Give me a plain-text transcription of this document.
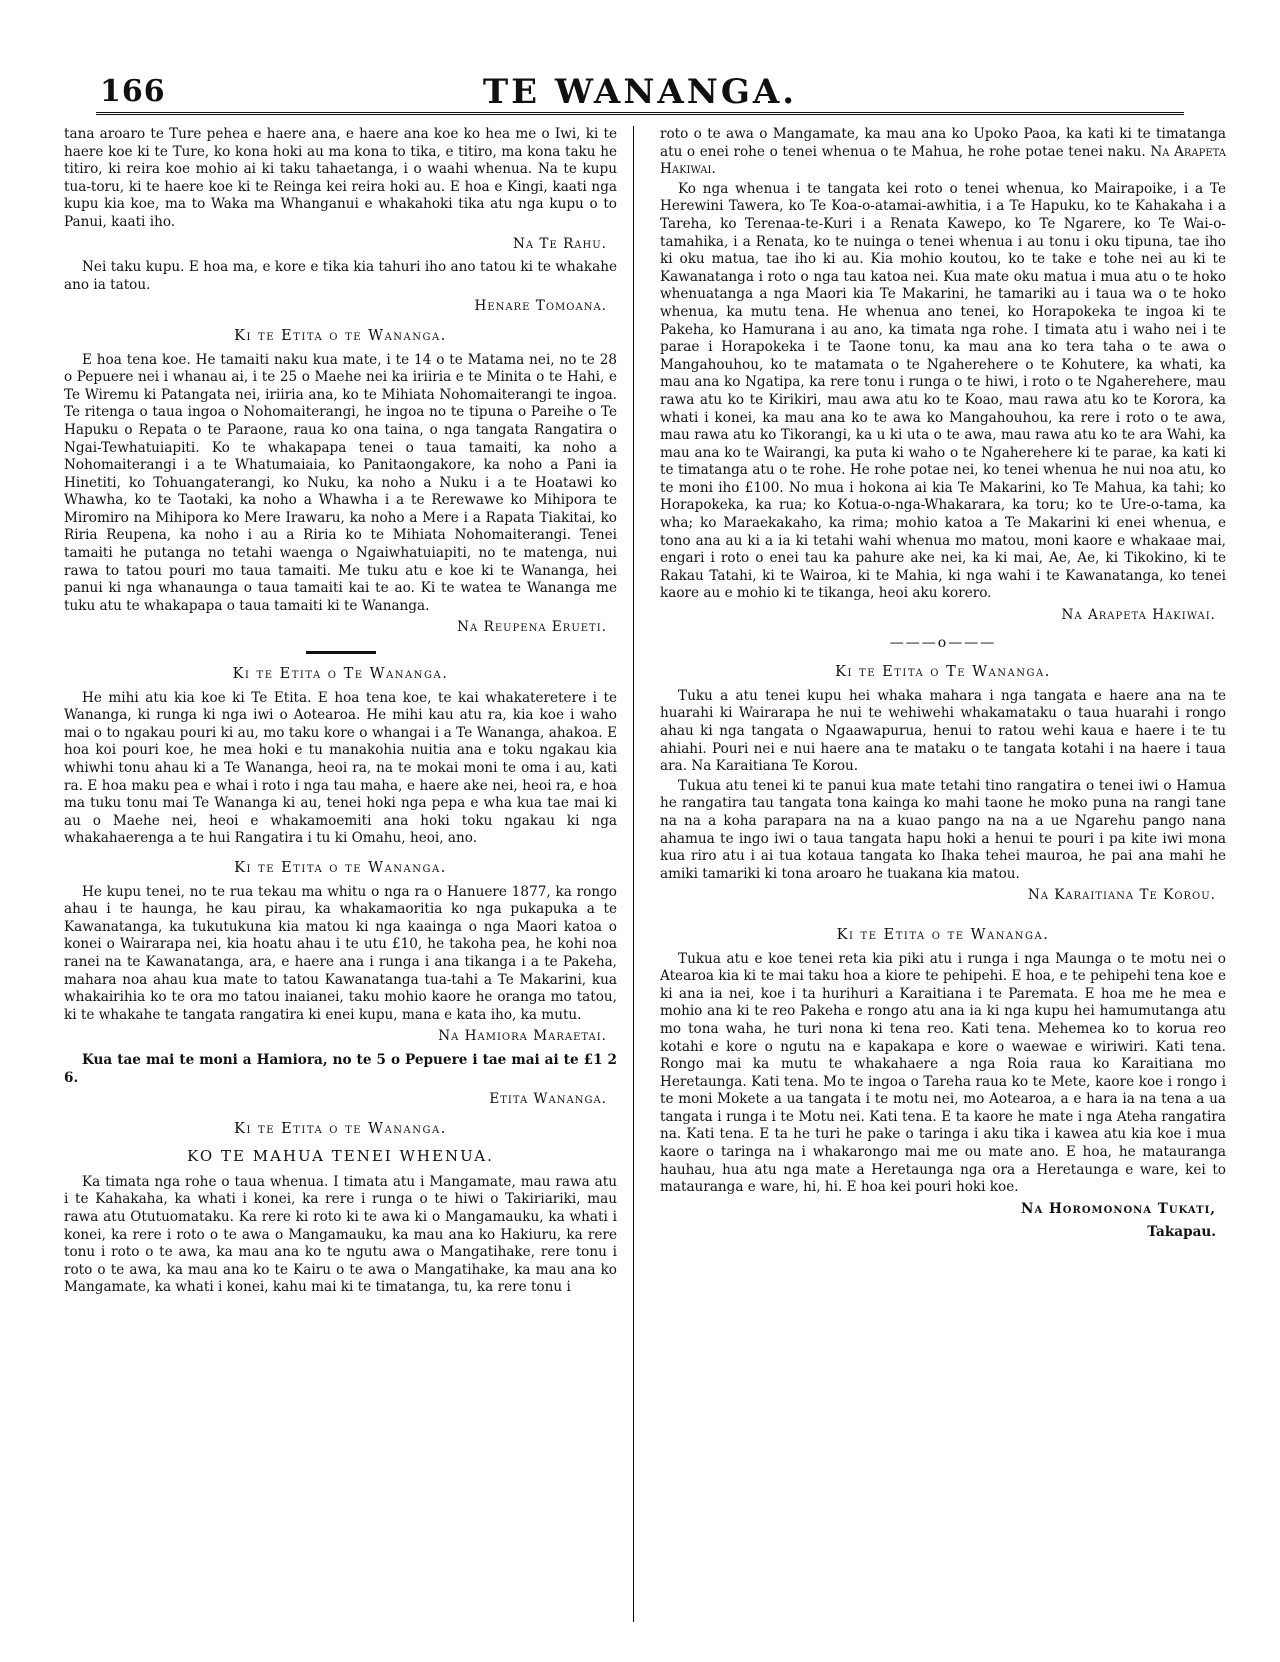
166	TE WANANGA.

tana aroaro te Ture pehea e haere ana, e haere ana koe ko hea me o Iwi, ki te haere koe ki te Ture, ko kona hoki au ma kona to tika, e titiro, ma kona taku he titiro, ki reira koe mohio ai ki taku tahaetanga, i o waahi whenua. Na te kupu tua-toru, ki te haere koe ki te Reinga kei reira hoki au. E hoa e Kingi, kaati nga kupu kia koe, ma to Waka ma Whanganui e whakahoki tika atu nga kupu o to Panui, kaati iho.

Na Te Rahu.

Nei taku kupu. E hoa ma, e kore e tika kia tahuri iho ano tatou ki te whakahe ano ia tatou.

Henare Tomoana.
Ki te Etita o te Wananga.

E hoa tena koe. He tamaiti naku kua mate, i te 14 o te Matama nei, no te 28 o Pepuere nei i whanau ai, i te 25 o Maehe nei ka iriiria e te Minita o te Hahi, e Te Wiremu ki Patangata nei, iriiria ana, ko te Mihiata Nohomaiterangi te ingoa. Te ritenga o taua ingoa o Nohomaiterangi, he ingoa no te tipuna o Pareihe o Te Hapuku o Repata o te Paraone, raua ko ona taina, o nga tangata Rangatira o Ngai-Tewhatuiapiti. Ko te whakapapa tenei o taua tamaiti, ka noho a Nohomaiterangi i a te Whatumaiaia, ko Panitaongakore, ka noho a Pani ia Hinetiti, ko Tohuangaterangi, ko Nuku, ka noho a Nuku i a te Hoatawi ko Whawha, ko te Taotaki, ka noho a Whawha i a te Rerewawe ko Mihipora te Miromiro na Mihipora ko Mere Irawaru, ka noho a Mere i a Rapata Tiakitai, ko Riria Reupena, ka noho i au a Riria ko te Mihiata Nohomaiterangi. Tenei tamaiti he putanga no tetahi waenga o Ngaiwhatuiapiti, no te matenga, nui rawa to tatou pouri mo taua tamaiti. Me tuku atu e koe ki te Wananga, hei panui ki nga whanaunga o taua tamaiti kai te ao. Ki te watea te Wananga me tuku atu te whakapapa o taua tamaiti ki te Wananga.

Na Reupena Erueti.
Ki te Etita o Te Wananga.

He mihi atu kia koe ki Te Etita. E hoa tena koe, te kai whakateretere i te Wananga, ki runga ki nga iwi o Aotearoa. He mihi kau atu ra, kia koe i waho mai o to ngakau pouri ki au, mo taku kore o whangai i a Te Wananga, ahakoa. E hoa koi pouri koe, he mea hoki e tu manakohia nuitia ana e toku ngakau kia whiwhi tonu ahau ki a Te Wananga, heoi ra, na te mokai moni te oma i au, kati ra. E hoa maku pea e whai i roto i nga tau maha, e haere ake nei, heoi ra, e hoa ma tuku tonu mai Te Wananga ki au, tenei hoki nga pepa e wha kua tae mai ki au o Maehe nei, heoi e whakamoemiti ana hoki toku ngakau ki nga whakahaerenga a te hui Rangatira i tu ki Omahu, heoi, ano.

Ki te Etita o te Wananga.

He kupu tenei, no te rua tekau ma whitu o nga ra o Hanuere 1877, ka rongo ahau i te haunga, he kau pirau, ka whakamaoritia ko nga pukapuka a te Kawanatanga, ka tukutukuna kia matou ki nga kaainga o nga Maori katoa o konei o Wairarapa nei, kia hoatu ahau i te utu £10, he takoha pea, he kohi noa ranei na te Kawanatanga, ara, e haere ana i runga i ana tikanga i a te Pakeha, mahara noa ahau kua mate to tatou Kawanatanga tua-tahi a Te Makarini, kua whakairihia ko te ora mo tatou inaianei, taku mohio kaore he oranga mo tatou, ki te whakahe te tangata rangatira ki enei kupu, mana e kata iho, ka mutu.

Na Hamiora Maraetai.

Kua tae mai te moni a Hamiora, no te 5 o Pepuere i tae mai ai te £1 2 6.

Etita Wananga.
Ki te Etita o te Wananga.
KO TE MAHUA TENEI WHENUA.

Ka timata nga rohe o taua whenua. I timata atu i Mangamate, mau rawa atu i te Kahakaha, ka whati i konei, ka rere i runga o te hiwi o Takiriariki, mau rawa atu Otutuomataku. Ka rere ki roto ki te awa ki o Mangamauku, ka whati i konei, ka rere i roto o te awa o Mangamauku, ka mau ana ko Hakiuru, ka rere tonu i roto o te awa, ka mau ana ko te ngutu awa o Mangatihake, rere tonu i roto o te awa, ka mau ana ko te Kairu o te awa o Mangatihake, ka mau ana ko Mangamate, ka whati i konei, kahu mai ki te timatanga, tu, ka rere tonu i

roto o te awa o Mangamate, ka mau ana ko Upoko Paoa, ka kati ki te timatanga atu o enei rohe o tenei whenua o te Mahua, he rohe potae tenei naku. Na Arapeta Hakiwai.

Ko nga whenua i te tangata kei roto o tenei whenua, ko Mairapoike, i a Te Herewini Tawera, ko Te Koa-o-atamai-awhitia, i a Te Hapuku, ko te Kahakaha i a Tareha, ko Terenaa-te-Kuri i a Renata Kawepo, ko Te Ngarere, ko Te Wai-o-tamahika, i a Renata, ko te nuinga o tenei whenua i au tonu i oku tipuna, tae iho ki oku matua, tae iho ki au. Kia mohio koutou, ko te take e tohe nei au ki te Kawanatanga i roto o nga tau katoa nei. Kua mate oku matua i mua atu o te hoko whenuatanga a nga Maori kia Te Makarini, he tamariki au i taua wa o te hoko whenua, ka mutu tena. He whenua ano tenei, ko Horapokeka te ingoa ki te Pakeha, ko Hamurana i au ano, ka timata nga rohe. I timata atu i waho nei i te parae i Horapokeka i te Taone tonu, ka mau ana ko tera taha o te awa o Mangahouhou, ko te matamata o te Ngaherehere o te Kohutere, ka whati, ka mau ana ko Ngatipa, ka rere tonu i runga o te hiwi, i roto o te Ngaherehere, mau rawa atu ko te Kirikiri, mau awa atu ko te Koao, mau rawa atu ko te Korora, ka whati i konei, ka mau ana ko te awa ko Mangahouhou, ka rere i roto o te awa, mau rawa atu ko Tikorangi, ka u ki uta o te awa, mau rawa atu ko te ara Wahi, ka mau ana ko te Wairangi, ka puta ki waho o te Ngaherehere ki te parae, ka kati ki te timatanga atu o te rohe. He rohe potae nei, ko tenei whenua he nui noa atu, ko te moni iho £100. No mua i hokona ai kia Te Makarini, ko Te Mahua, ka tahi; ko Horapokeka, ka rua; ko Kotua-o-nga-Whakarara, ka toru; ko te Ure-o-tama, ka wha; ko Maraekakaho, ka rima; mohio katoa a Te Makarini ki enei whenua, e tono ana au ki a ia ki tetahi wahi whenua mo matou, moni kaore e whakaae mai, engari i roto o enei tau ka pahure ake nei, ka ki mai, Ae, Ae, ki Tikokino, ki te Rakau Tatahi, ki te Wairoa, ki te Mahia, ki nga wahi i te Kawanatanga, ko tenei kaore au e mohio ki te tikanga, heoi aku korero.

Na Arapeta Hakiwai.
———o———
Ki te Etita o Te Wananga.

Tuku a atu tenei kupu hei whaka mahara i nga tangata e haere ana na te huarahi ki Wairarapa he nui te wehiwehi whakamataku o taua huarahi i rongo ahau ki nga tangata o Ngaawapurua, henui to ratou wehi kaua e haere i te tu ahiahi. Pouri nei e nui haere ana te mataku o te tangata kotahi i na haere i taua ara. Na Karaitiana Te Korou.

Tukua atu tenei ki te panui kua mate tetahi tino rangatira o tenei iwi o Hamua he rangatira tau tangata tona kainga ko mahi taone he moko puna na rangi tane na na a koha parapara na na a kuao pango na na a ue Ngarehu pango nana ahamua te ingo iwi o taua tangata hapu hoki a henui te pouri i pa kite iwi mona kua riro atu i ai tua kotaua tangata ko Ihaka tehei mauroa, he pai ana mahi he amiki tamariki ki tona aroaro he tuakana kia matou.

Na Karaitiana Te Korou.
Ki te Etita o te Wananga.

Tukua atu e koe tenei reta kia piki atu i runga i nga Maunga o te motu nei o Atearoa kia ki te mai taku hoa a kiore te pehipehi. E hoa, e te pehipehi tena koe e ki ana ia nei, koe i ta hurihuri a Karaitiana i te Paremata. E hoa me he mea e mohio ana ki te reo Pakeha e rongo atu ana ia ki nga kupu hei hamumutanga atu mo tona waha, he turi nona ki tena reo. Kati tena. Mehemea ko to korua reo kotahi e kore o ngutu na e kapakapa e kore o waewae e wiriwiri. Kati tena. Rongo mai ka mutu te whakahaere a nga Roia raua ko Karaitiana mo Heretaunga. Kati tena. Mo te ingoa o Tareha raua ko te Mete, kaore koe i rongo i te moni Mokete a ua tangata i te motu nei, mo Aotearoa, a e hara ia na tena a ua tangata i runga i te Motu nei. Kati tena. E ta kaore he mate i nga Ateha rangatira na. Kati tena. E ta he turi he pake o taringa i aku tika i kawea atu kia koe i mua kaore o taringa na i whakarongo mai me ou mate ano. E hoa, he matauranga hauhau, hua atu nga mate a Heretaunga nga ora a Heretaunga e ware, kei to matauranga e ware, hi, hi. E hoa kei pouri hoki koe.

Na Horomonona Tukati,
Takapau.
